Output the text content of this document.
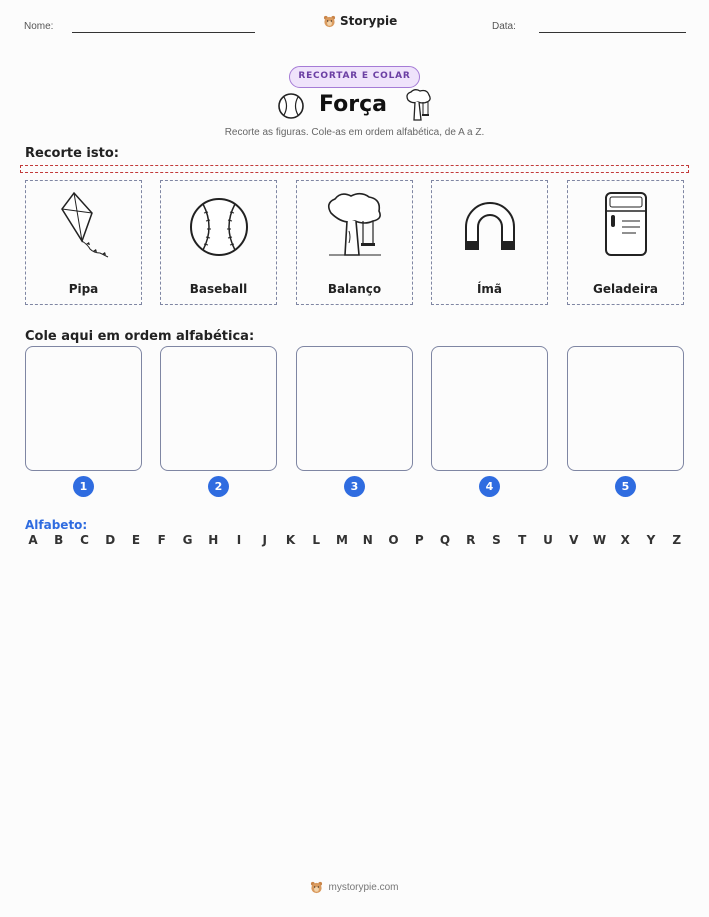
Nome:	Storypie	Data:
RECORTAR E COLAR
Força
Recorte as figuras. Cole-as em ordem alfabética, de A a Z.
Recorte isto:
Pipa	Baseball	Balanço	Ímã	Geladeira
Cole aqui em ordem alfabética:
1	2	3	4	5
Alfabeto:
A B C D	E	F	G H	I	J	K	L	M N O P	Q R	S	T	U V W X	Y	Z
mystorypie.com
